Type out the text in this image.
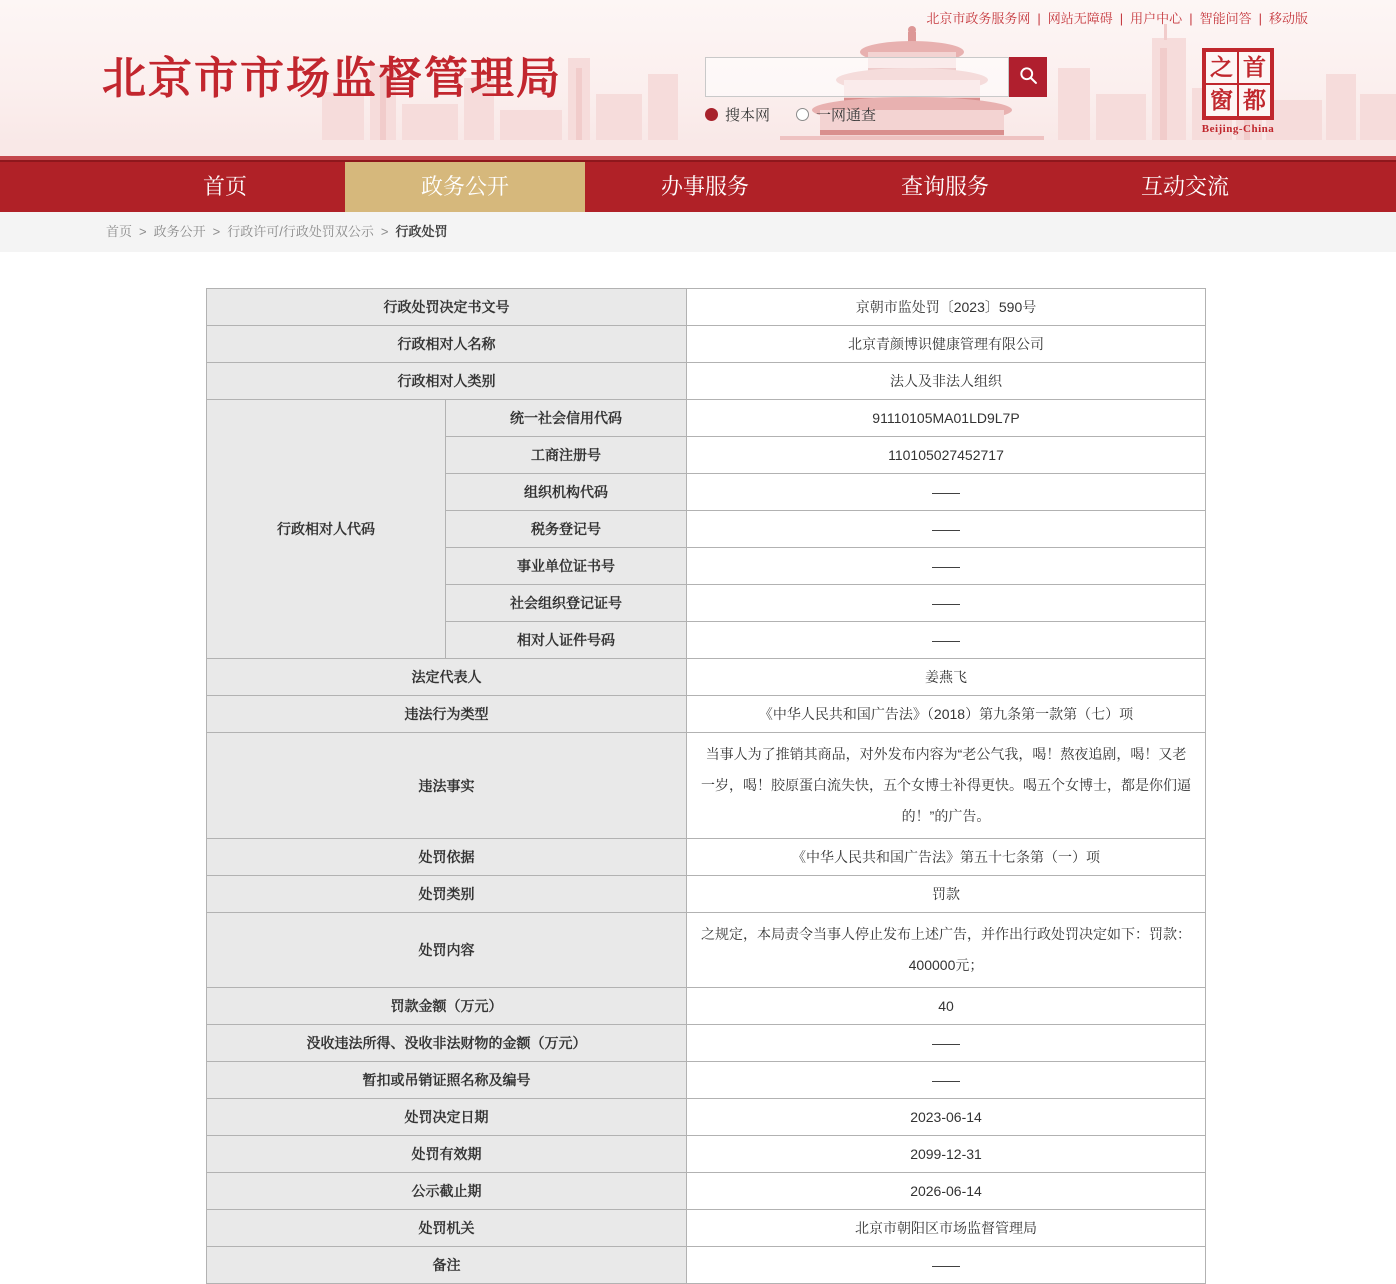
北京市政务服务网 | 网站无障碍 | 用户中心 | 智能问答 | 移动版
北京市市场监督管理局
搜本网	一网通查
之 首
窗 都
Beijing-China
首页	政务公开	办事服务	查询服务	互动交流
首页 > 政务公开 > 行政许可/行政处罚双公示 > 行政处罚
行政处罚决定书文号		京朝市监处罚〔2023〕590号
行政相对人名称		北京青颜博识健康管理有限公司
行政相对人类别		法人及非法人组织
行政相对人代码	统一社会信用代码	91110105MA01LD9L7P
	工商注册号	110105027452717
	组织机构代码	——
	税务登记号	——
	事业单位证书号	——
	社会组织登记证号	——
	相对人证件号码	——
法定代表人		姜燕飞
违法行为类型		《中华人民共和国广告法》（2018）第九条第一款第（七）项
违法事实		当事人为了推销其商品，对外发布内容为“老公气我，喝！熬夜追剧，喝！又老一岁，喝！胶原蛋白流失快，五个女博士补得更快。喝五个女博士，都是你们逼的！”的广告。
处罚依据		《中华人民共和国广告法》第五十七条第（一）项
处罚类别		罚款
处罚内容		之规定，本局责令当事人停止发布上述广告，并作出行政处罚决定如下：罚款：400000元；
罚款金额（万元）		40
没收违法所得、没收非法财物的金额（万元）		——
暂扣或吊销证照名称及编号		——
处罚决定日期		2023-06-14
处罚有效期		2099-12-31
公示截止期		2026-06-14
处罚机关		北京市朝阳区市场监督管理局
备注		——
